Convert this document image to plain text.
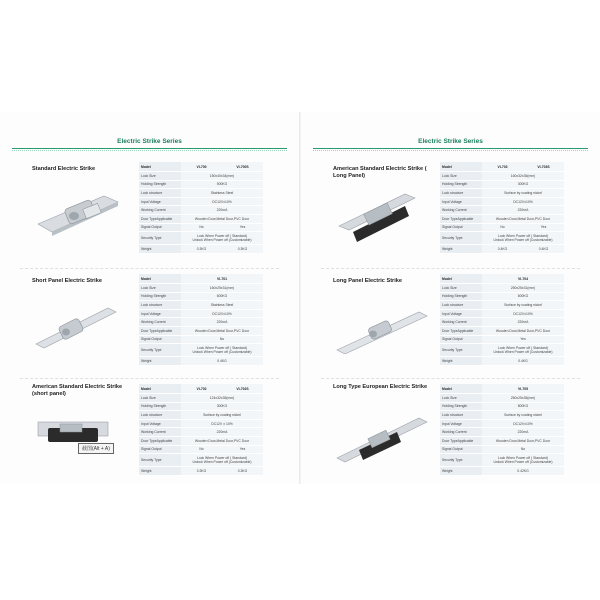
Electric Strike Series
Standard Electric Strike	Model	VI-700	VI-700S
Lock Size	150x40x34(mm)	
Holding Strength	500KG	
Lock structure	Stainless Steel	
Input Voltage	DC12V±10%	
Working Current	220mA	
Door TypeApplicable	Wooden Door,Metal Door,PVC Door	
Signal Output	No	Yes
Security Type	Lock When Power off ( Standard)
Unlock When Power off (Customizable)	
Weight	0.3KG	0.3KG
Short Panel Electric Strike	Model	VI-701
Lock Size	160x25x31(mm)
Holding Strength	600KG
Lock structure	Stainless Steel
Input Voltage	DC12V±10%
Working Current	220mA
Door TypeApplicable	Wooden Door,Metal Door,PVC Door
Signal Output	No
Security Type	Lock When Power off ( Standard)
Unlock When Power off (Customizable)
Weight	0.4KG
American Standard Electric Strike (short panel)
截图(Alt + A)
Model	VI-702	VI-702S
Lock Size	124x32x35(mm)	
Holding Strength	300KG	
Lock structure	Surface by coating nickel	
Input Voltage	DC12V ± 10%	
Working Current	220mA	
Door TypeApplicable	Wooden Door,Metal Door,PVC Door	
Signal Output	No	Yes
Security Type	Lock When Power off ( Standard)
Unlock When Power off (Customizable)	
Weight	0.3KG	0.3KG
Electric Strike Series
American Standard Electric Strike ( Long Panel)
Model	VI-703	VI-703S
Lock Size	160x32x35(mm)	
Holding Strength	300KG	
Lock structure	Surface by coating nickel	
Input Voltage	DC12V±10%	
Working Current	220mA	
Door TypeApplicable	Wooden Door,Metal Door,PVC Door	
Signal Output	No	Yes
Security Type	Lock When Power off ( Standard)
Unlock When Power off (Customizable)	
Weight	0.4KG	0.4KG
Long Panel Electric Strike	Model	VI-704
Lock Size	250x25x31(mm)
Holding Strength	600KG
Lock structure	Surface by coating nickel
Input Voltage	DC12V±10%
Working Current	220mA
Door TypeApplicable	Wooden Door,Metal Door,PVC Door
Signal Output	Yes
Security Type	Lock When Power off ( Standard)
Unlock When Power off (Customizable)
Weight	0.4KG
Long Type European Electric Strike	Model	VI-705
Lock Size	250x25x35(mm)
Holding Strength	800KG
Lock structure	Surface by coating nickel
Input Voltage	DC12V±10%
Working Current	220mA
Door TypeApplicable	Wooden Door,Metal Door,PVC Door
Signal Output	No
Security Type	Lock When Power off ( Standard)
Unlock When Power off (Customizable)
Weight	0.42KG
